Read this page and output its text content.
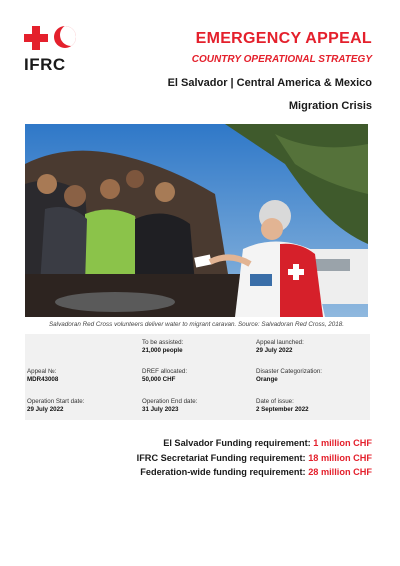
IFRC
EMERGENCY APPEAL
COUNTRY OPERATIONAL STRATEGY
El Salvador | Central America & Mexico
Migration Crisis
Salvadoran Red Cross volunteers deliver water to migrant caravan. Source: Salvadoran Red Cross, 2018.
Appeal №:
MDR43008
To be assisted:
21,000 people
Appeal launched:
29 July 2022
DREF allocated:
50,000 CHF
Disaster Categorization:
Orange
Operation Start date:
29 July 2022
Operation End date:
31 July 2023
Date of issue:
2 September 2022
El Salvador Funding requirement: 1 million CHF
IFRC Secretariat Funding requirement: 18 million CHF
Federation-wide funding requirement: 28 million CHF
